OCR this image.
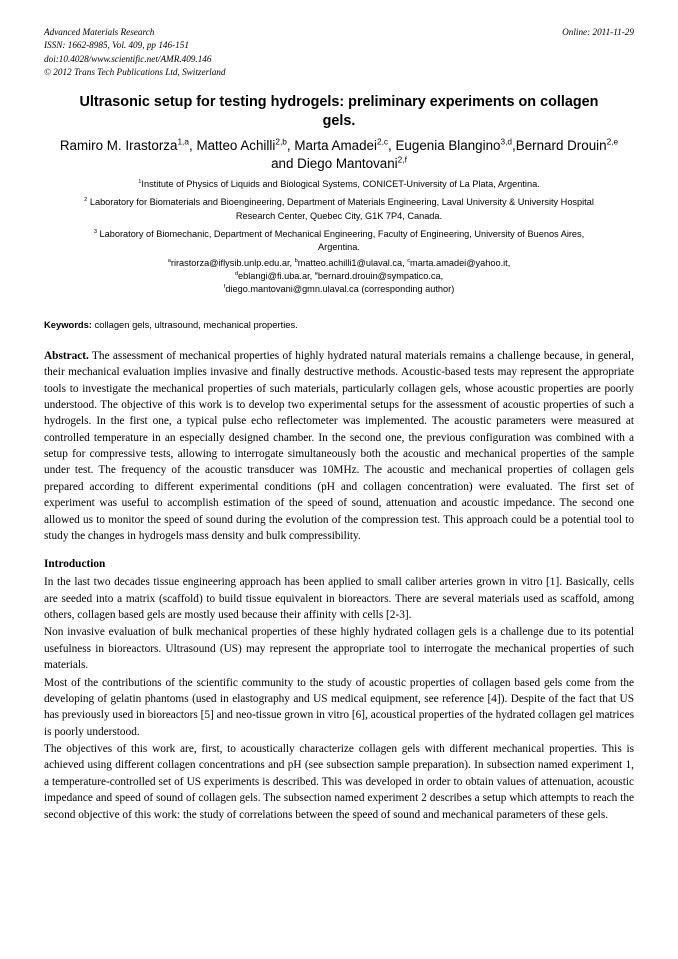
Advanced Materials Research
ISSN: 1662-8985, Vol. 409, pp 146-151
doi:10.4028/www.scientific.net/AMR.409.146
© 2012 Trans Tech Publications Ltd, Switzerland
Online: 2011-11-29
Ultrasonic setup for testing hydrogels: preliminary experiments on collagen gels.
Ramiro M. Irastorza$^{1,a}$, Matteo Achilli$^{2,b}$, Marta Amadei$^{2,c}$, Eugenia Blangino$^{3,d}$,Bernard Drouin$^{2,e}$ and Diego Mantovani$^{2,f}$
$^1$Institute of Physics of Liquids and Biological Systems, CONICET-University of La Plata, Argentina.
$^2$ Laboratory for Biomaterials and Bioengineering, Department of Materials Engineering, Laval University & University Hospital Research Center, Quebec City, G1K 7P4, Canada.
$^3$ Laboratory of Biomechanic, Department of Mechanical Engineering, Faculty of Engineering, University of Buenos Aires, Argentina.
$^a$rirastorza@iflysib.unlp.edu.ar, $^b$matteo.achilli1@ulaval.ca, $^c$marta.amadei@yahoo.it,
$^d$eblangi@fi.uba.ar, $^e$bernard.drouin@sympatico.ca,
$^f$diego.mantovani@gmn.ulaval.ca (corresponding author)
Keywords: collagen gels, ultrasound, mechanical properties.
Abstract. The assessment of mechanical properties of highly hydrated natural materials remains a challenge because, in general, their mechanical evaluation implies invasive and finally destructive methods. Acoustic-based tests may represent the appropriate tools to investigate the mechanical properties of such materials, particularly collagen gels, whose acoustic properties are poorly understood. The objective of this work is to develop two experimental setups for the assessment of acoustic properties of such a hydrogels. In the first one, a typical pulse echo reflectometer was implemented. The acoustic parameters were measured at controlled temperature in an especially designed chamber. In the second one, the previous configuration was combined with a setup for compressive tests, allowing to interrogate simultaneously both the acoustic and mechanical properties of the sample under test. The frequency of the acoustic transducer was 10MHz. The acoustic and mechanical properties of collagen gels prepared according to different experimental conditions (pH and collagen concentration) were evaluated. The first set of experiment was useful to accomplish estimation of the speed of sound, attenuation and acoustic impedance. The second one allowed us to monitor the speed of sound during the evolution of the compression test. This approach could be a potential tool to study the changes in hydrogels mass density and bulk compressibility.
Introduction
In the last two decades tissue engineering approach has been applied to small caliber arteries grown in vitro [1]. Basically, cells are seeded into a matrix (scaffold) to build tissue equivalent in bioreactors. There are several materials used as scaffold, among others, collagen based gels are mostly used because their affinity with cells [2-3].
Non invasive evaluation of bulk mechanical properties of these highly hydrated collagen gels is a challenge due to its potential usefulness in bioreactors. Ultrasound (US) may represent the appropriate tool to interrogate the mechanical properties of such materials.
Most of the contributions of the scientific community to the study of acoustic properties of collagen based gels come from the developing of gelatin phantoms (used in elastography and US medical equipment, see reference [4]). Despite of the fact that US has previously used in bioreactors [5] and neo-tissue grown in vitro [6], acoustical properties of the hydrated collagen gel matrices is poorly understood.
The objectives of this work are, first, to acoustically characterize collagen gels with different mechanical properties. This is achieved using different collagen concentrations and pH (see subsection sample preparation). In subsection named experiment 1, a temperature-controlled set of US experiments is described. This was developed in order to obtain values of attenuation, acoustic impedance and speed of sound of collagen gels. The subsection named experiment 2 describes a setup which attempts to reach the second objective of this work: the study of correlations between the speed of sound and mechanical parameters of these gels.
